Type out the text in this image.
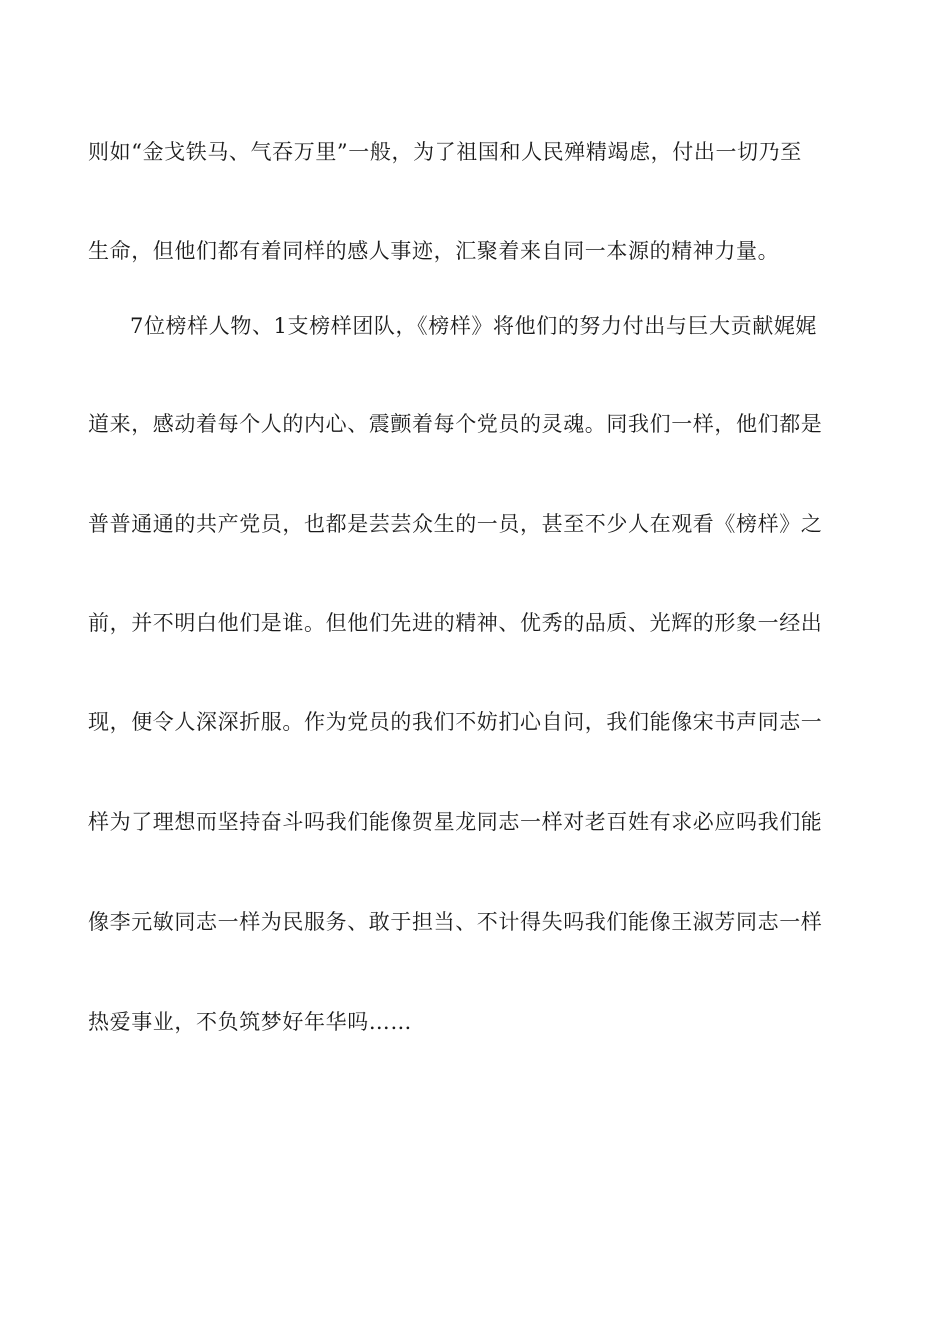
则如“金戈铁马、气吞万里”一般，为了祖国和人民殚精竭虑，付出一切乃至
生命，但他们都有着同样的感人事迹，汇聚着来自同一本源的精神力量。
7位榜样人物、1支榜样团队，《榜样》将他们的努力付出与巨大贡献娓娓
道来，感动着每个人的内心、震颤着每个党员的灵魂。同我们一样，他们都是
普普通通的共产党员，也都是芸芸众生的一员，甚至不少人在观看《榜样》之
前，并不明白他们是谁。但他们先进的精神、优秀的品质、光辉的形象一经出
现，便令人深深折服。作为党员的我们不妨扪心自问，我们能像宋书声同志一
样为了理想而坚持奋斗吗我们能像贺星龙同志一样对老百姓有求必应吗我们能
像李元敏同志一样为民服务、敢于担当、不计得失吗我们能像王淑芳同志一样
热爱事业，不负筑梦好年华吗……
